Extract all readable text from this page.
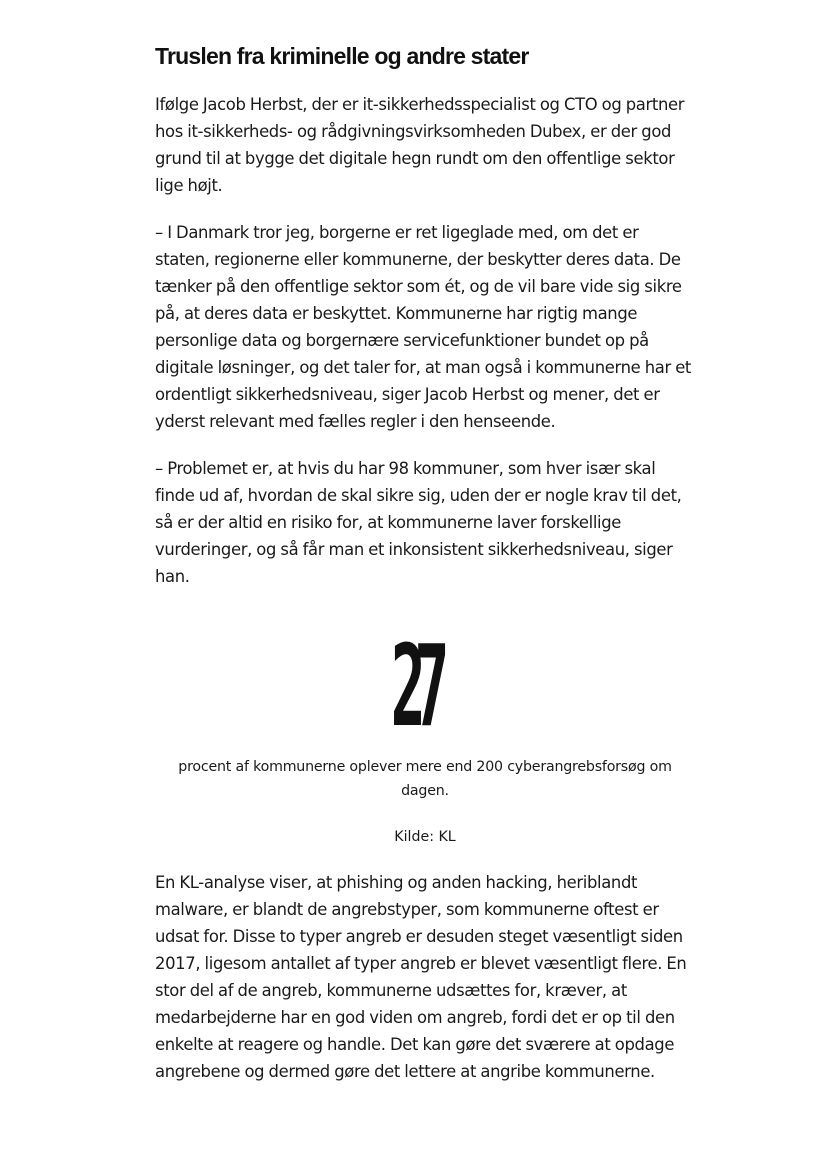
Truslen fra kriminelle og andre stater

Ifølge Jacob Herbst, der er it-sikkerhedsspecialist og CTO og partner hos it-sikkerheds- og rådgivningsvirksomheden Dubex, er der god grund til at bygge det digitale hegn rundt om den offentlige sektor lige højt.

– I Danmark tror jeg, borgerne er ret ligeglade med, om det er staten, regionerne eller kommunerne, der beskytter deres data. De tænker på den offentlige sektor som ét, og de vil bare vide sig sikre på, at deres data er beskyttet. Kommunerne har rigtig mange personlige data og borgernære servicefunktioner bundet op på digitale løsninger, og det taler for, at man også i kommunerne har et ordentligt sikkerhedsniveau, siger Jacob Herbst og mener, det er yderst relevant med fælles regler i den henseende.

– Problemet er, at hvis du har 98 kommuner, som hver især skal finde ud af, hvordan de skal sikre sig, uden der er nogle krav til det, så er der altid en risiko for, at kommunerne laver forskellige vurderinger, og så får man et inkonsistent sikkerhedsniveau, siger han.

27
procent af kommunerne oplever mere end 200 cyberangrebsforsøg om dagen.
Kilde: KL

En KL-analyse viser, at phishing og anden hacking, heriblandt malware, er blandt de angrebstyper, som kommunerne oftest er udsat for. Disse to typer angreb er desuden steget væsentligt siden 2017, ligesom antallet af typer angreb er blevet væsentligt flere. En stor del af de angreb, kommunerne udsættes for, kræver, at medarbejderne har en god viden om angreb, fordi det er op til den enkelte at reagere og handle. Det kan gøre det sværere at opdage angrebene og dermed gøre det lettere at angribe kommunerne.
